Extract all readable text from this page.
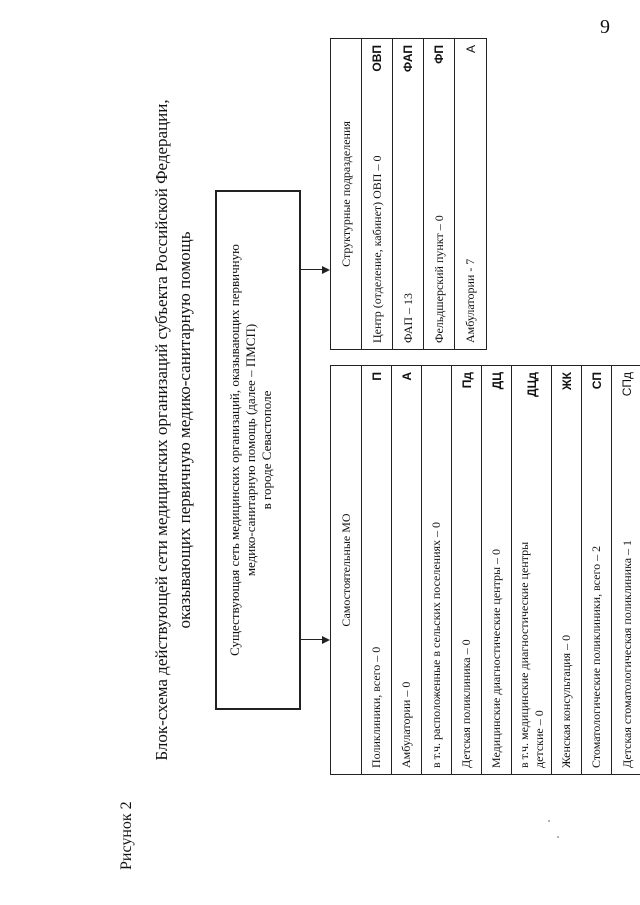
9
Рисунок 2
Блок-схема действующей сети медицинских организаций субъекта Российской Федерации, оказывающих первичную медико-санитарную помощь	Существующая сеть медицинских организаций, оказывающих первичную медико-санитарную помощь (далее – ПМСП) в городе Севастополе
Самостоятельные МО
Поликлиники, всего – 0
П
Амбулатории – 0
А
в т.ч. расположенные в сельских поселениях – 0 Детская поликлиника – 0
Пд
Медицинские диагностические центры – 0
ДЦ
в т.ч. медицинские диагностические центры детские – 0
ДЦд
Женская консультация – 0
ЖК
Стоматологические поликлиники, всего – 2
СП
Детская стоматологическая поликлиника – 1
СПд
Структурные подразделения	Центр (отделение, кабинет) ОВП – 0
ОВП
ФАП – 13
ФАП
Фельдшерский пункт – 0
ФП
Амбулатории - 7
А
